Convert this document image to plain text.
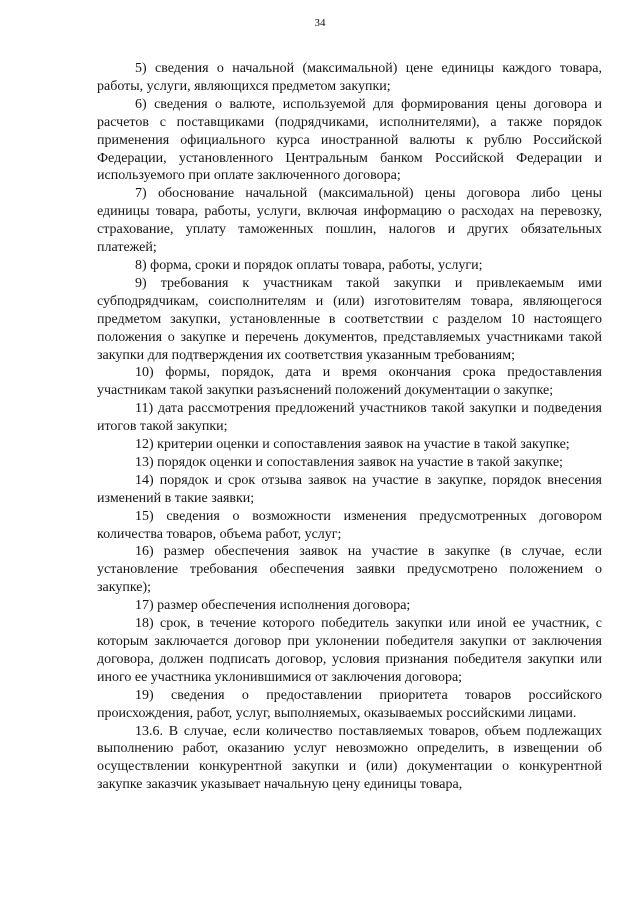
34

5) сведения о начальной (максимальной) цене единицы каждого товара, работы, услуги, являющихся предметом закупки;

6) сведения о валюте, используемой для формирования цены договора и расчетов с поставщиками (подрядчиками, исполнителями), а также порядок применения официального курса иностранной валюты к рублю Российской Федерации, установленного Центральным банком Российской Федерации и используемого при оплате заключенного договора;

7) обоснование начальной (максимальной) цены договора либо цены единицы товара, работы, услуги, включая информацию о расходах на перевозку, страхование, уплату таможенных пошлин, налогов и других обязательных платежей;

8) форма, сроки и порядок оплаты товара, работы, услуги;

9) требования к участникам такой закупки и привлекаемым ими субподрядчикам, соисполнителям и (или) изготовителям товара, являющегося предметом закупки, установленные в соответствии с разделом 10 настоящего положения о закупке и перечень документов, представляемых участниками такой закупки для подтверждения их соответствия указанным требованиям;

10) формы, порядок, дата и время окончания срока предоставления участникам такой закупки разъяснений положений документации о закупке;

11) дата рассмотрения предложений участников такой закупки и подведения итогов такой закупки;

12) критерии оценки и сопоставления заявок на участие в такой закупке;

13) порядок оценки и сопоставления заявок на участие в такой закупке;

14) порядок и срок отзыва заявок на участие в закупке, порядок внесения изменений в такие заявки;

15) сведения о возможности изменения предусмотренных договором количества товаров, объема работ, услуг;

16) размер обеспечения заявок на участие в закупке (в случае, если установление требования обеспечения заявки предусмотрено положением о закупке);

17) размер обеспечения исполнения договора;

18) срок, в течение которого победитель закупки или иной ее участник, с которым заключается договор при уклонении победителя закупки от заключения договора, должен подписать договор, условия признания победителя закупки или иного ее участника уклонившимися от заключения договора;

19) сведения о предоставлении приоритета товаров российского происхождения, работ, услуг, выполняемых, оказываемых российскими лицами.

13.6. В случае, если количество поставляемых товаров, объем подлежащих выполнению работ, оказанию услуг невозможно определить, в извещении об осуществлении конкурентной закупки и (или) документации о конкурентной закупке заказчик указывает начальную цену единицы товара,
